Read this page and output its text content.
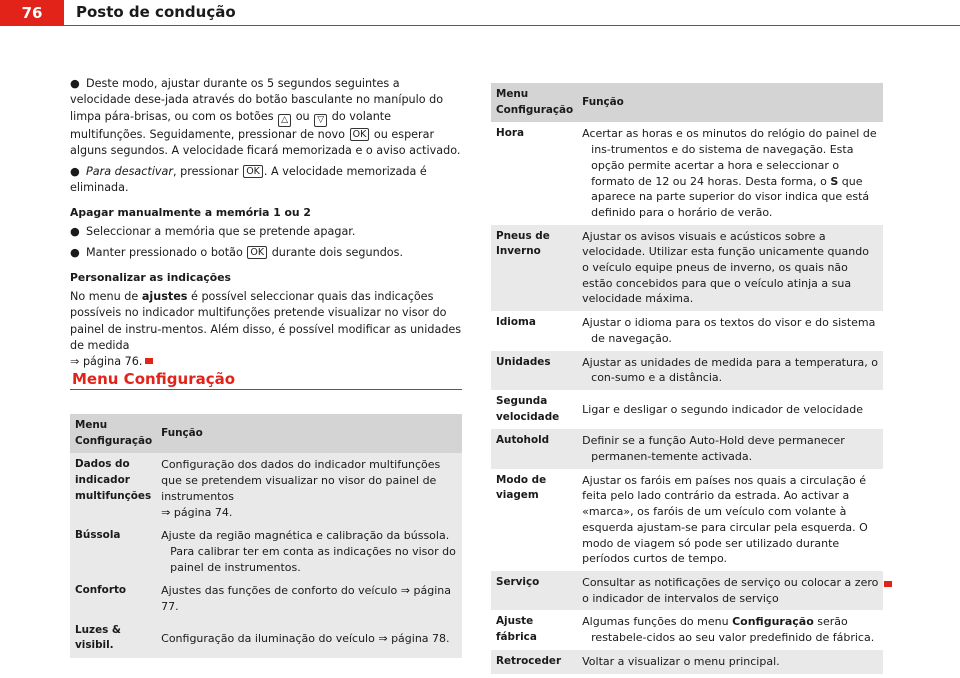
76	Posto de condução

● Deste modo, ajustar durante os 5 segundos seguintes a velocidade dese-jada através do botão basculante no manípulo do limpa pára-brisas, ou com os botões △ ou ▽ do volante multifunções. Seguidamente, pressionar de novo OK ou esperar alguns segundos. A velocidade ficará memorizada e o aviso activado.

● Para desactivar, pressionar OK . A velocidade memorizada é eliminada.

Apagar manualmente a memória 1 ou 2

● Seleccionar a memória que se pretende apagar.

● Manter pressionado o botão OK durante dois segundos.

Personalizar as indicações

No menu de ajustes é possível seleccionar quais das indicações possíveis no indicador multifunções pretende visualizar no visor do painel de instru-mentos. Além disso, é possível modificar as unidades de medida
⇒ página 76.

Menu Configuração
Menu Configuração	Função
Dados do indicador multifunções	Configuração dos dados do indicador multifunções que se pretendem visualizar no visor do painel de instrumentos
⇒ página 74.
Bússola	Ajuste da região magnética e calibração da bússola. Para calibrar ter em conta as indicações no visor do painel de instrumentos.
Conforto	Ajustes das funções de conforto do veículo ⇒ página 77.
Luzes & visibil.	Configuração da iluminação do veículo ⇒ página 78.
Menu Configuração	Função
Hora	Acertar as horas e os minutos do relógio do painel de ins-trumentos e do sistema de navegação. Esta opção permite acertar a hora e seleccionar o formato de 12 ou 24 horas. Desta forma, o S que aparece na parte superior do visor indica que está definido para o horário de verão.
Pneus de Inverno	Ajustar os avisos visuais e acústicos sobre a velocidade. Utilizar esta função unicamente quando o veículo equipe pneus de inverno, os quais não estão concebidos para que o veículo atinja a sua velocidade máxima.
Idioma	Ajustar o idioma para os textos do visor e do sistema de navegação.
Unidades	Ajustar as unidades de medida para a temperatura, o con-sumo e a distância.
Segunda velocidade	Ligar e desligar o segundo indicador de velocidade
Autohold	Definir se a função Auto-Hold deve permanecer permanen-temente activada.
Modo de viagem	Ajustar os faróis em países nos quais a circulação é feita pelo lado contrário da estrada. Ao activar a «marca», os faróis de um veículo com volante à esquerda ajustam-se para circular pela esquerda. O modo de viagem só pode ser utilizado durante períodos curtos de tempo.
Serviço	Consultar as notificações de serviço ou colocar a zero o indicador de intervalos de serviço
Ajuste fábrica	Algumas funções do menu Configuração serão restabele-cidos ao seu valor predefinido de fábrica.
Retroceder	Voltar a visualizar o menu principal.
